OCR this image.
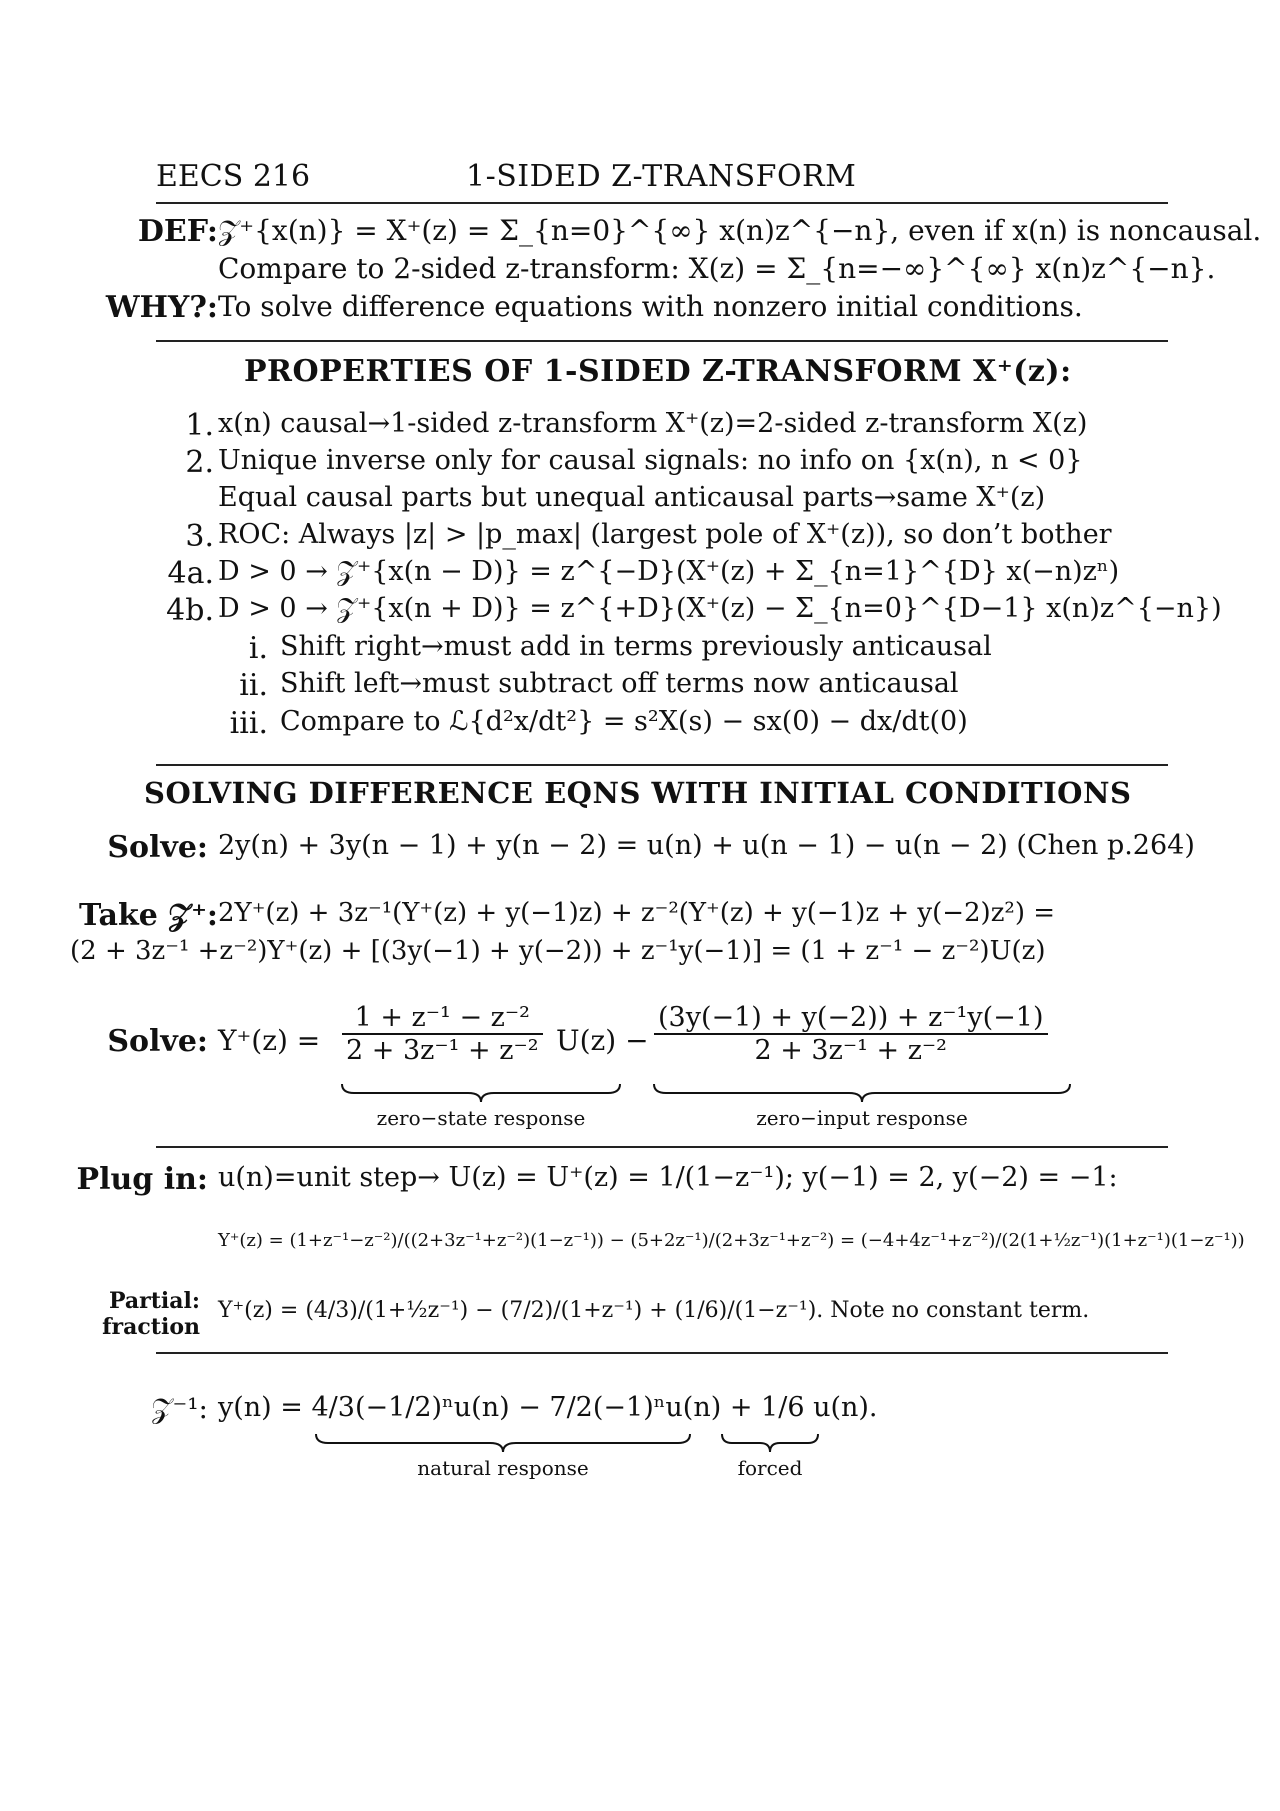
EECS 216	1-SIDED Z-TRANSFORM
DEF: 𝒵⁺{x(n)} = X⁺(z) = Σ_{n=0}^{∞} x(n)z^{−n}, even if x(n) is noncausal.
Compare to 2-sided z-transform: X(z) = Σ_{n=−∞}^{∞} x(n)z^{−n}.
WHY?: To solve difference equations with nonzero initial conditions.
PROPERTIES OF 1-SIDED Z-TRANSFORM X⁺(z):
1. x(n) causal→1-sided z-transform X⁺(z)=2-sided z-transform X(z)
2. Unique inverse only for causal signals: no info on {x(n), n < 0}
Equal causal parts but unequal anticausal parts→same X⁺(z)
3. ROC: Always |z| > |p_max| (largest pole of X⁺(z)), so don’t bother
4a. D > 0 → 𝒵⁺{x(n − D)} = z^{−D}(X⁺(z) + Σ_{n=1}^{D} x(−n)zⁿ)
4b. D > 0 → 𝒵⁺{x(n + D)} = z^{+D}(X⁺(z) − Σ_{n=0}^{D−1} x(n)z^{−n})
i. Shift right→must add in terms previously anticausal
ii. Shift left→must subtract off terms now anticausal
iii. Compare to ℒ{d²x/dt²} = s²X(s) − sx(0) − dx/dt(0)
SOLVING DIFFERENCE EQNS WITH INITIAL CONDITIONS
Solve: 2y(n) + 3y(n − 1) + y(n − 2) = u(n) + u(n − 1) − u(n − 2) (Chen p.264)
Take 𝒵⁺: 2Y⁺(z) + 3z⁻¹(Y⁺(z) + y(−1)z) + z⁻²(Y⁺(z) + y(−1)z + y(−2)z²) =
(2 + 3z⁻¹ +z⁻²)Y⁺(z) + [(3y(−1) + y(−2)) + z⁻¹y(−1)] = (1 + z⁻¹ − z⁻²)U(z)
Solve: $Y^+(z) = \frac{\text{1 + z⁻¹ − z⁻²}}{\text{2 + 3z⁻¹ + z⁻²}} U(z) - \frac{\text{(3y(−1) + y(−2)) + z⁻¹y(−1)}}{\text{2 + 3z⁻¹ + z⁻²}}$
zero−state response	zero−input response
Plug in: u(n)=unit step→ U(z) = U⁺(z) = 1/(1−z⁻¹); y(−1) = 2, y(−2) = −1:
Y⁺(z) = (1+z⁻¹−z⁻²)/((2+3z⁻¹+z⁻²)(1−z⁻¹)) − (5+2z⁻¹)/(2+3z⁻¹+z⁻²) = (−4+4z⁻¹+z⁻²)/(2(1+½z⁻¹)(1+z⁻¹)(1−z⁻¹))
Partial:
fraction
Y⁺(z) = (4/3)/(1+½z⁻¹) − (7/2)/(1+z⁻¹) + (1/6)/(1−z⁻¹). Note no constant term.
𝒵⁻¹: y(n) = 4/3(−1/2)ⁿu(n) − 7/2(−1)ⁿu(n) + 1/6 u(n).
natural response	forced
